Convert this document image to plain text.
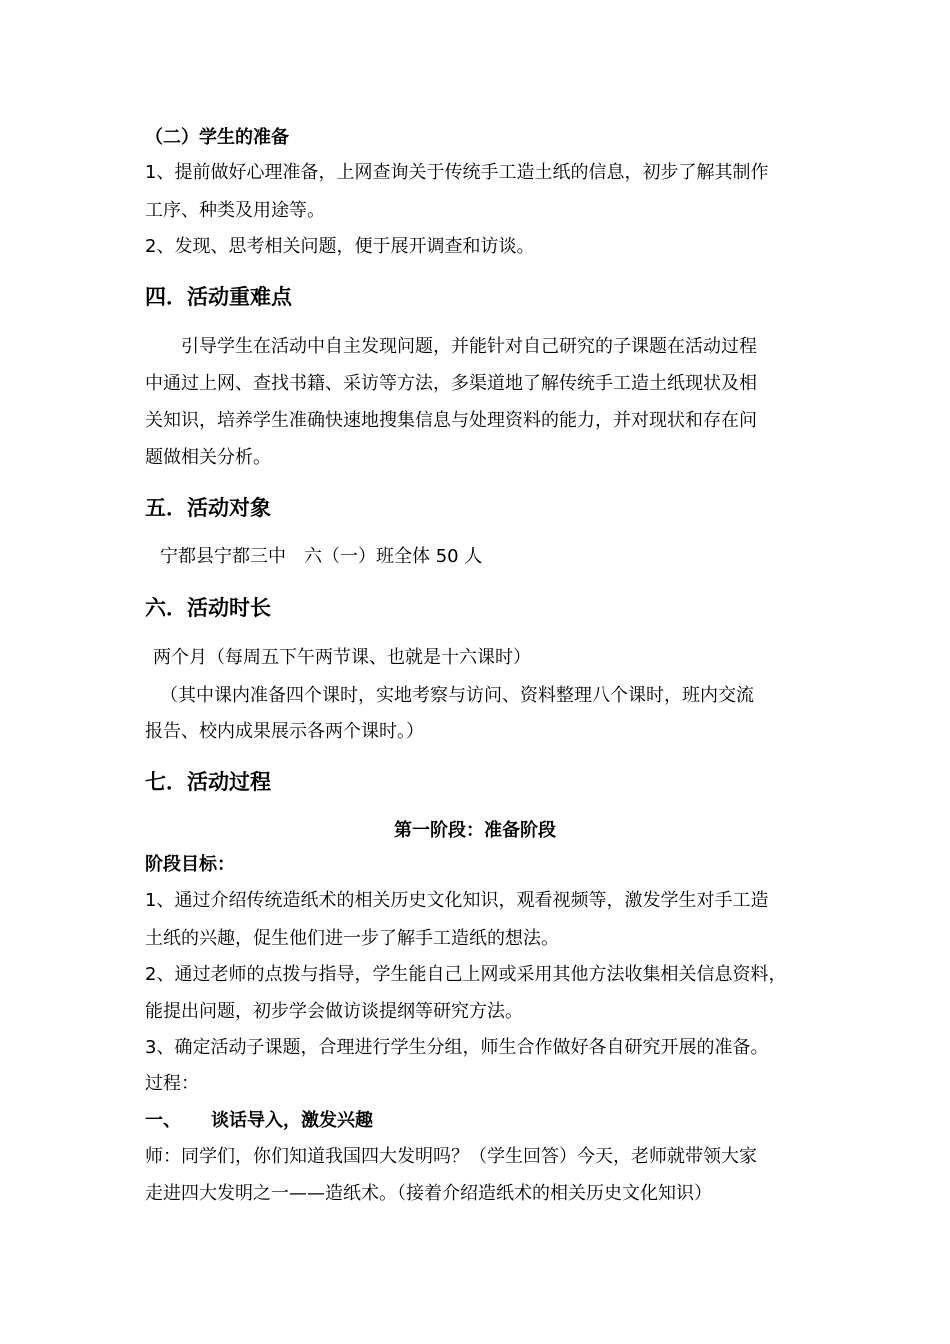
（二）学生的准备
1、提前做好心理准备，上网查询关于传统手工造土纸的信息，初步了解其制作
工序、种类及用途等。
2、发现、思考相关问题，便于展开调查和访谈。
四．活动重难点
引导学生在活动中自主发现问题，并能针对自己研究的子课题在活动过程
中通过上网、查找书籍、采访等方法，多渠道地了解传统手工造土纸现状及相
关知识，培养学生准确快速地搜集信息与处理资料的能力，并对现状和存在问
题做相关分析。
五．活动对象
宁都县宁都三中　六（一）班全体 50 人
六．活动时长
两个月（每周五下午两节课、也就是十六课时）
（其中课内准备四个课时，实地考察与访问、资料整理八个课时，班内交流
报告、校内成果展示各两个课时。）
七．活动过程
第一阶段：准备阶段
阶段目标：
1、通过介绍传统造纸术的相关历史文化知识，观看视频等，激发学生对手工造
土纸的兴趣，促生他们进一步了解手工造纸的想法。
2、通过老师的点拨与指导，学生能自己上网或采用其他方法收集相关信息资料，
能提出问题，初步学会做访谈提纲等研究方法。
3、确定活动子课题，合理进行学生分组，师生合作做好各自研究开展的准备。
过程：
一、 谈话导入，激发兴趣
师：同学们，你们知道我国四大发明吗？（学生回答）今天，老师就带领大家
走进四大发明之一——造纸术。（接着介绍造纸术的相关历史文化知识）
